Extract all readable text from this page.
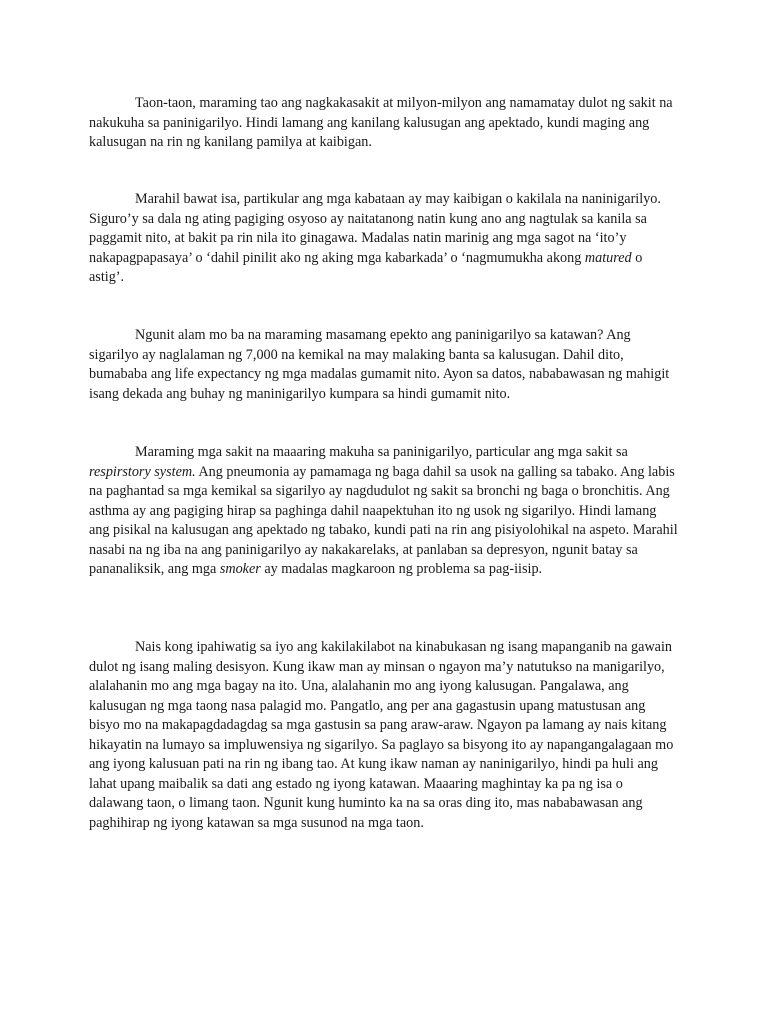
Taon-taon, maraming tao ang nagkakasakit at milyon-milyon ang namamatay dulot ng sakit na nakukuha sa paninigarilyo. Hindi lamang ang kanilang kalusugan ang apektado, kundi maging ang kalusugan na rin ng kanilang pamilya at kaibigan.

Marahil bawat isa, partikular ang mga kabataan ay may kaibigan o kakilala na naninigarilyo. Siguro’y sa dala ng ating pagiging osyoso ay naitatanong natin kung ano ang nagtulak sa kanila sa paggamit nito, at bakit pa rin nila ito ginagawa. Madalas natin marinig ang mga sagot na ‘ito’y nakapagpapasaya’ o ‘dahil pinilit ako ng aking mga kabarkada’ o ‘nagmumukha akong matured o astig’.

Ngunit alam mo ba na maraming masamang epekto ang paninigarilyo sa katawan? Ang sigarilyo ay naglalaman ng 7,000 na kemikal na may malaking banta sa kalusugan. Dahil dito, bumababa ang life expectancy ng mga madalas gumamit nito. Ayon sa datos, nababawasan ng mahigit isang dekada ang buhay ng maninigarilyo kumpara sa hindi gumamit nito.

Maraming mga sakit na maaaring makuha sa paninigarilyo, particular ang mga sakit sa respirstory system. Ang pneumonia ay pamamaga ng baga dahil sa usok na galling sa tabako. Ang labis na paghantad sa mga kemikal sa sigarilyo ay nagdudulot ng sakit sa bronchi ng baga o bronchitis. Ang asthma ay ang pagiging hirap sa paghinga dahil naapektuhan ito ng usok ng sigarilyo. Hindi lamang ang pisikal na kalusugan ang apektado ng tabako, kundi pati na rin ang pisiyolohikal na aspeto. Marahil nasabi na ng iba na ang paninigarilyo ay nakakarelaks, at panlaban sa depresyon, ngunit batay sa pananaliksik, ang mga smoker ay madalas magkaroon ng problema sa pag-iisip.

Nais kong ipahiwatig sa iyo ang kakilakilabot na kinabukasan ng isang mapanganib na gawain dulot ng isang maling desisyon. Kung ikaw man ay minsan o ngayon ma’y natutukso na manigarilyo, alalahanin mo ang mga bagay na ito. Una, alalahanin mo ang iyong kalusugan. Pangalawa, ang kalusugan ng mga taong nasa palagid mo. Pangatlo, ang per ana gagastusin upang matustusan ang bisyo mo na makapagdadagdag sa mga gastusin sa pang araw-araw. Ngayon pa lamang ay nais kitang hikayatin na lumayo sa impluwensiya ng sigarilyo. Sa paglayo sa bisyong ito ay napangangalagaan mo ang iyong kalusuan pati na rin ng ibang tao. At kung ikaw naman ay naninigarilyo, hindi pa huli ang lahat upang maibalik sa dati ang estado ng iyong katawan. Maaaring maghintay ka pa ng isa o dalawang taon, o limang taon. Ngunit kung huminto ka na sa oras ding ito, mas nababawasan ang paghihirap ng iyong katawan sa mga susunod na mga taon.
